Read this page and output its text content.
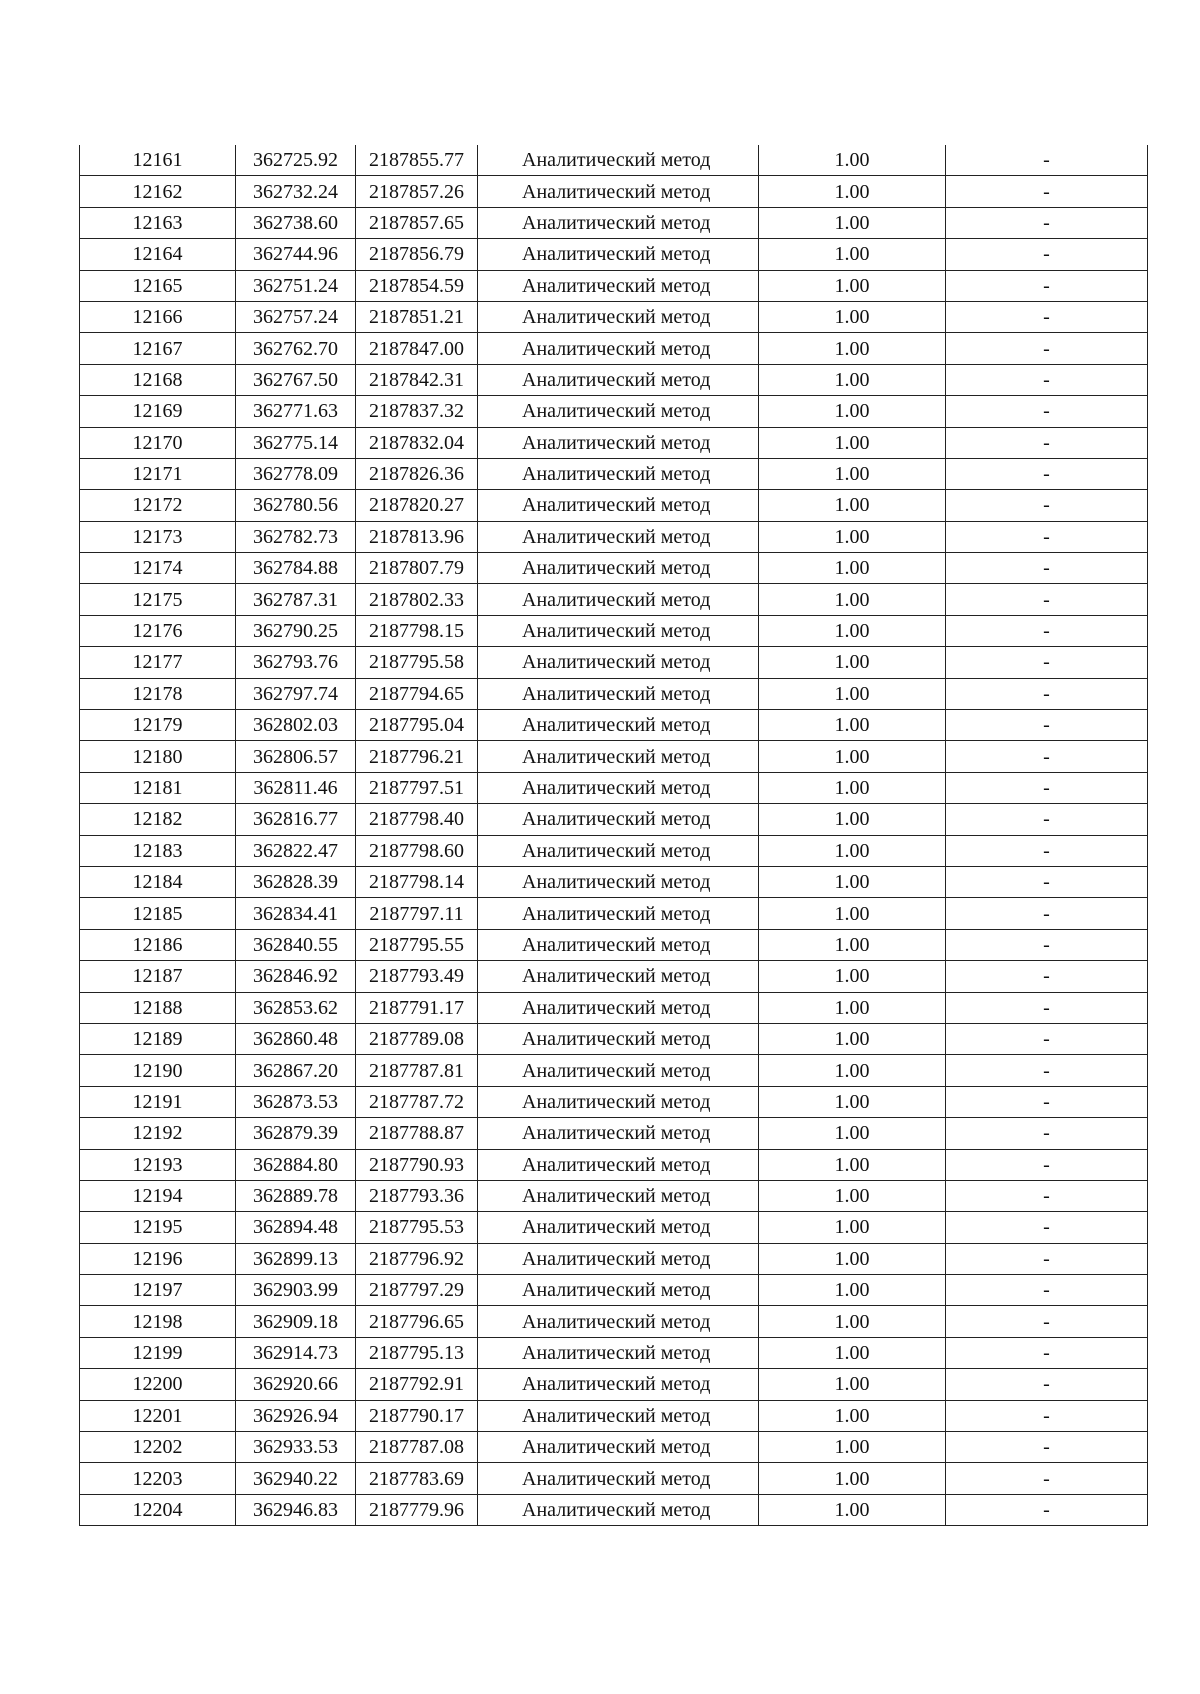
12161	362725.92	2187855.77	Аналитический метод	1.00	-
12162	362732.24	2187857.26	Аналитический метод	1.00	-
12163	362738.60	2187857.65	Аналитический метод	1.00	-
12164	362744.96	2187856.79	Аналитический метод	1.00	-
12165	362751.24	2187854.59	Аналитический метод	1.00	-
12166	362757.24	2187851.21	Аналитический метод	1.00	-
12167	362762.70	2187847.00	Аналитический метод	1.00	-
12168	362767.50	2187842.31	Аналитический метод	1.00	-
12169	362771.63	2187837.32	Аналитический метод	1.00	-
12170	362775.14	2187832.04	Аналитический метод	1.00	-
12171	362778.09	2187826.36	Аналитический метод	1.00	-
12172	362780.56	2187820.27	Аналитический метод	1.00	-
12173	362782.73	2187813.96	Аналитический метод	1.00	-
12174	362784.88	2187807.79	Аналитический метод	1.00	-
12175	362787.31	2187802.33	Аналитический метод	1.00	-
12176	362790.25	2187798.15	Аналитический метод	1.00	-
12177	362793.76	2187795.58	Аналитический метод	1.00	-
12178	362797.74	2187794.65	Аналитический метод	1.00	-
12179	362802.03	2187795.04	Аналитический метод	1.00	-
12180	362806.57	2187796.21	Аналитический метод	1.00	-
12181	362811.46	2187797.51	Аналитический метод	1.00	-
12182	362816.77	2187798.40	Аналитический метод	1.00	-
12183	362822.47	2187798.60	Аналитический метод	1.00	-
12184	362828.39	2187798.14	Аналитический метод	1.00	-
12185	362834.41	2187797.11	Аналитический метод	1.00	-
12186	362840.55	2187795.55	Аналитический метод	1.00	-
12187	362846.92	2187793.49	Аналитический метод	1.00	-
12188	362853.62	2187791.17	Аналитический метод	1.00	-
12189	362860.48	2187789.08	Аналитический метод	1.00	-
12190	362867.20	2187787.81	Аналитический метод	1.00	-
12191	362873.53	2187787.72	Аналитический метод	1.00	-
12192	362879.39	2187788.87	Аналитический метод	1.00	-
12193	362884.80	2187790.93	Аналитический метод	1.00	-
12194	362889.78	2187793.36	Аналитический метод	1.00	-
12195	362894.48	2187795.53	Аналитический метод	1.00	-
12196	362899.13	2187796.92	Аналитический метод	1.00	-
12197	362903.99	2187797.29	Аналитический метод	1.00	-
12198	362909.18	2187796.65	Аналитический метод	1.00	-
12199	362914.73	2187795.13	Аналитический метод	1.00	-
12200	362920.66	2187792.91	Аналитический метод	1.00	-
12201	362926.94	2187790.17	Аналитический метод	1.00	-
12202	362933.53	2187787.08	Аналитический метод	1.00	-
12203	362940.22	2187783.69	Аналитический метод	1.00	-
12204	362946.83	2187779.96	Аналитический метод	1.00	-
